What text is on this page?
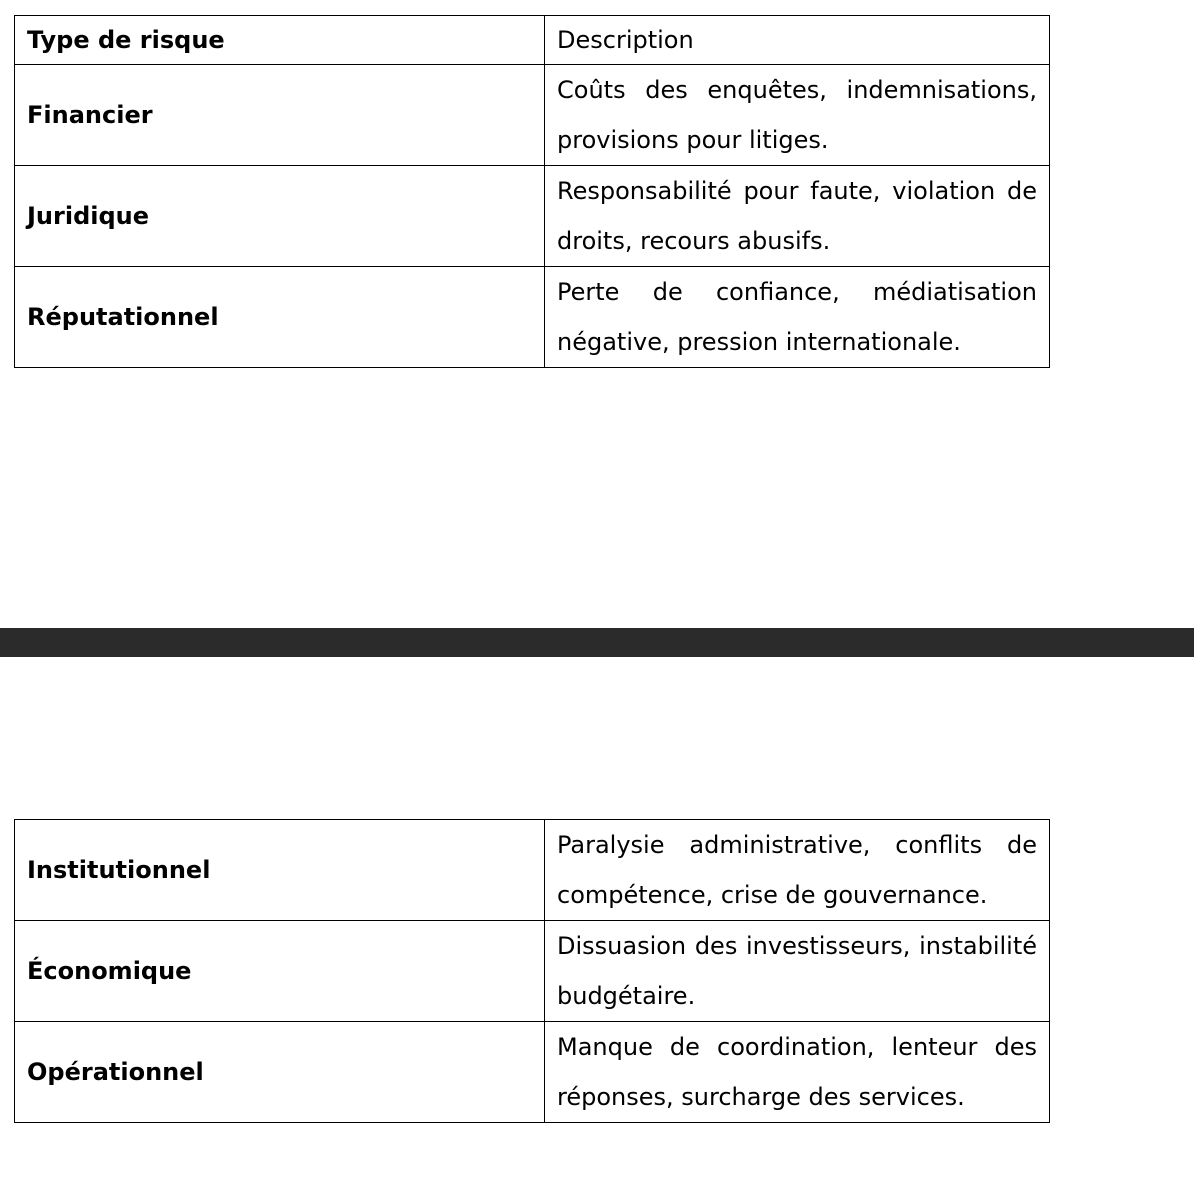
Type de risque	Description
Financier	Coûts des enquêtes, indemnisations, provisions pour litiges.
Juridique	Responsabilité pour faute, violation de droits, recours abusifs.
Réputationnel	Perte de confiance, médiatisation négative, pression internationale.
Institutionnel	Paralysie administrative, conflits de compétence, crise de gouvernance.
Économique	Dissuasion des investisseurs, instabilité budgétaire.
Opérationnel	Manque de coordination, lenteur des réponses, surcharge des services.
